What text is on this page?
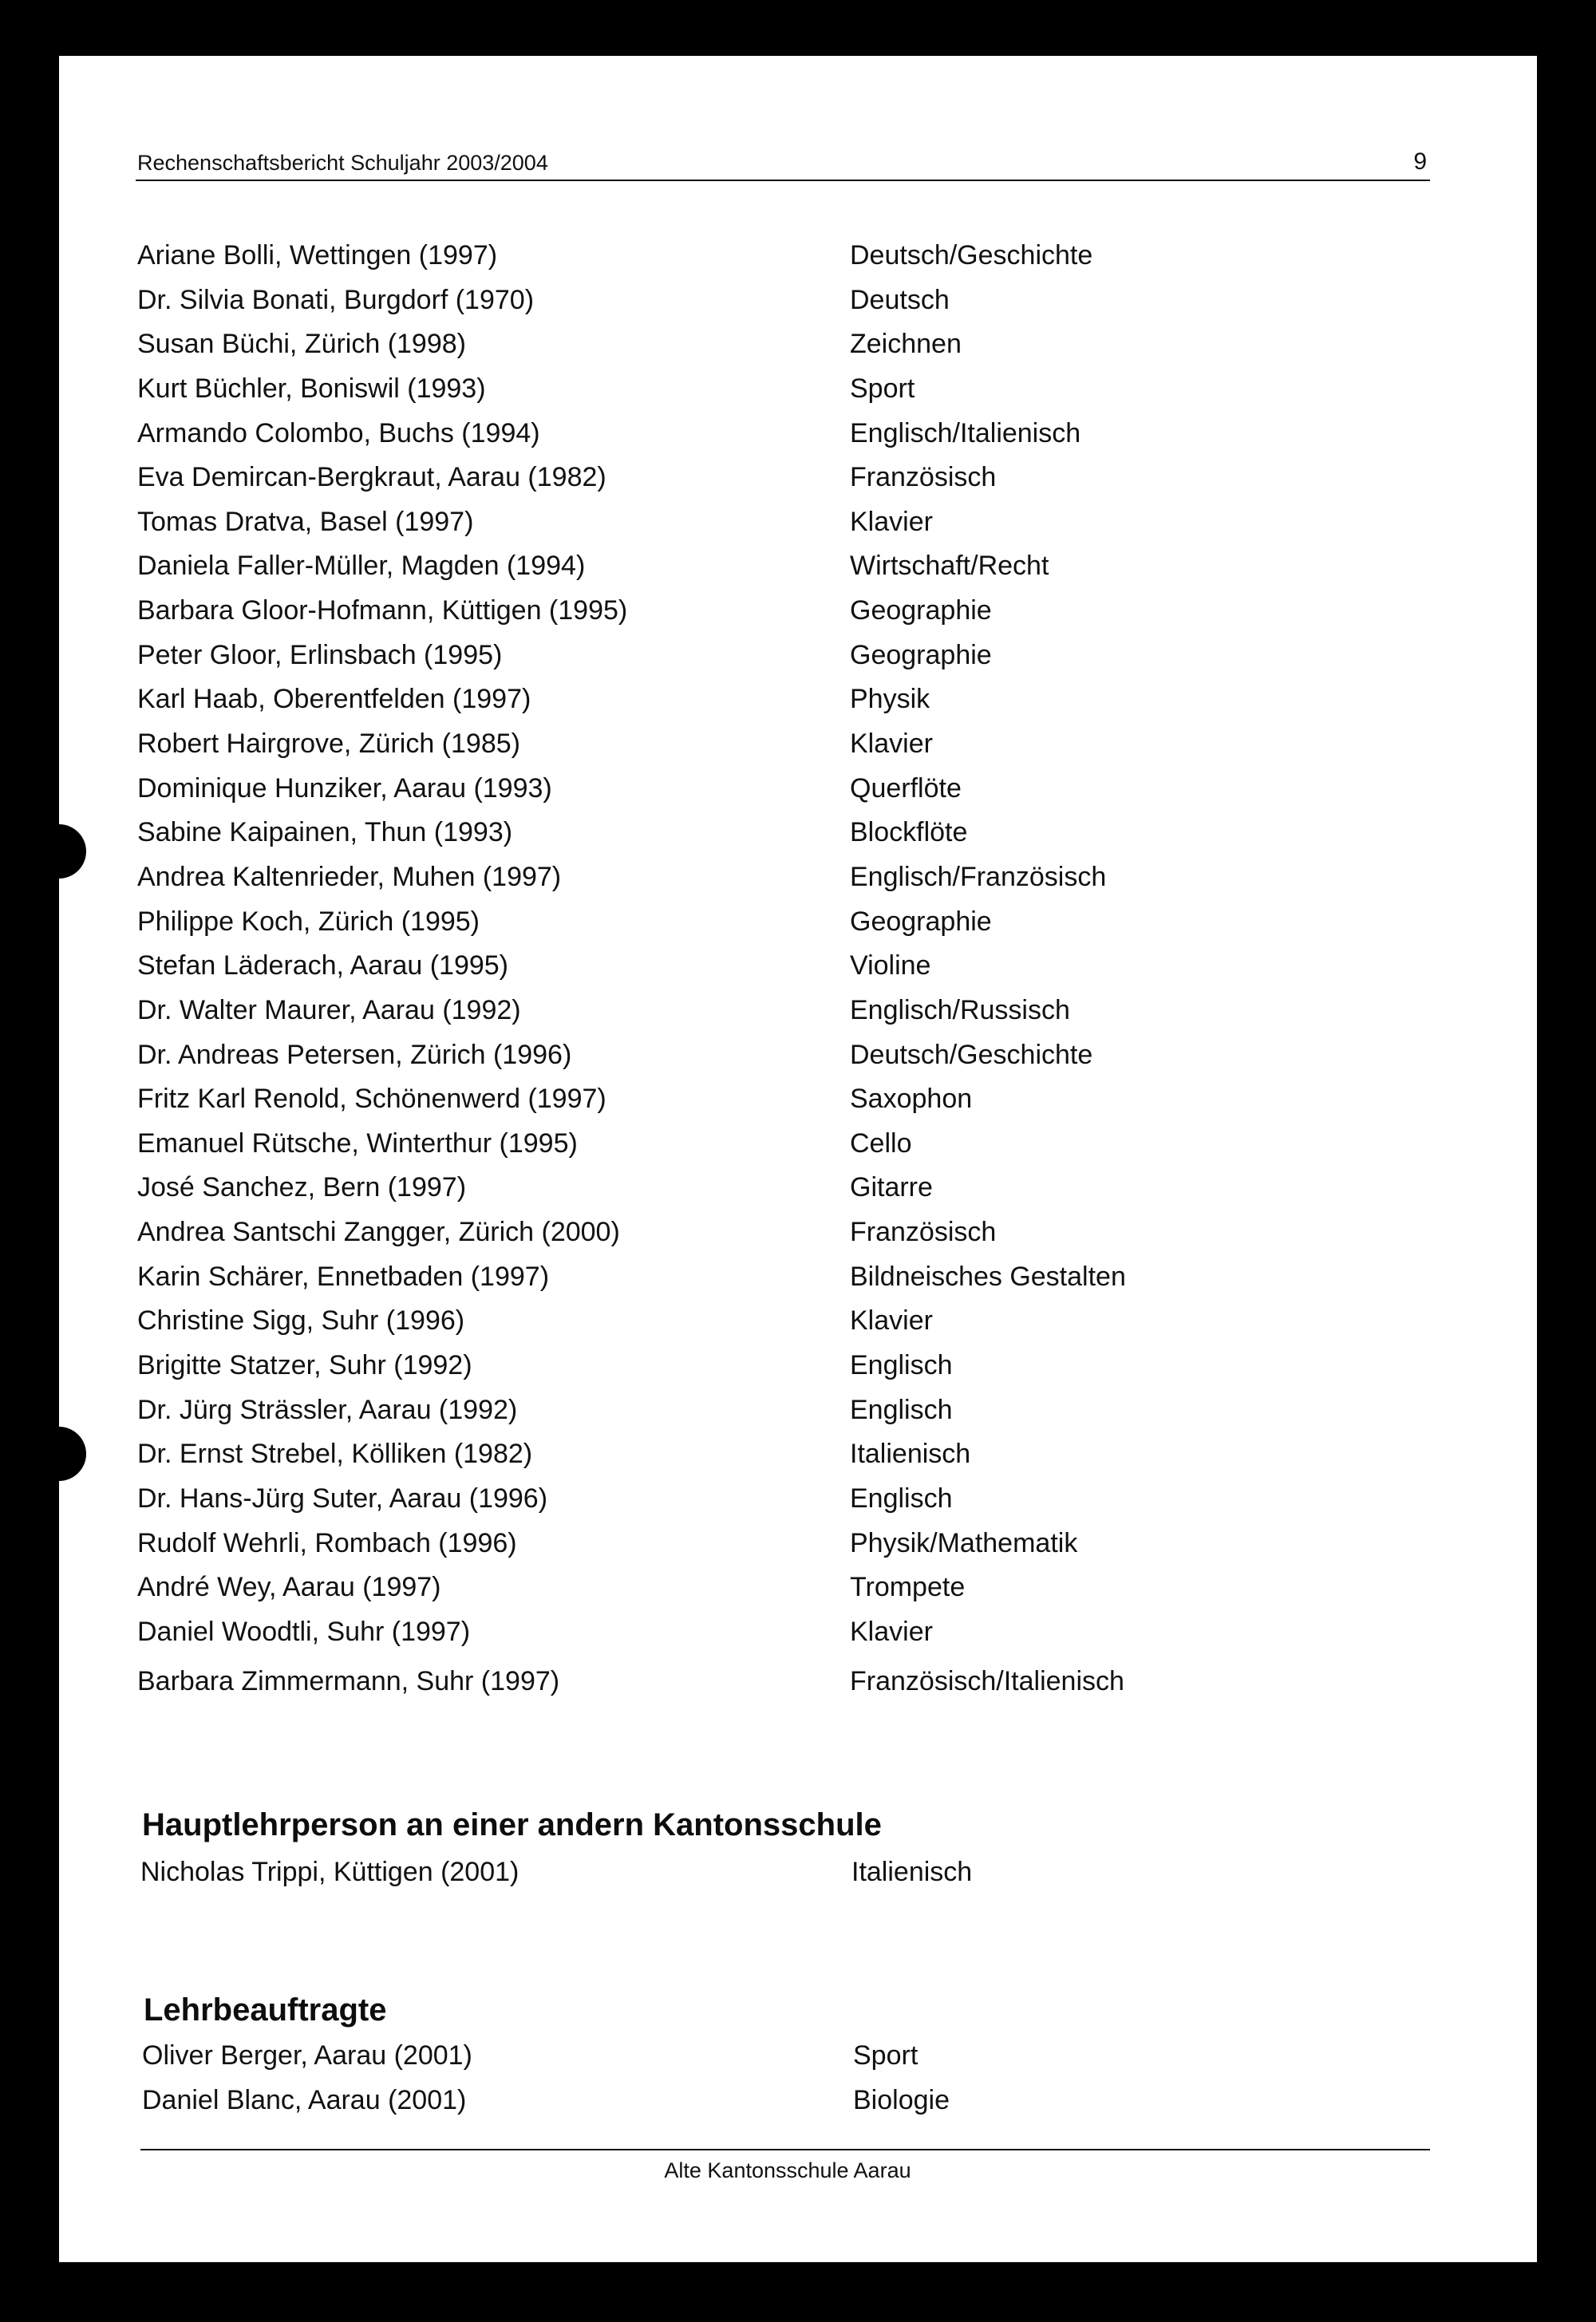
Rechenschaftsbericht Schuljahr 2003/2004	9
Ariane Bolli, Wettingen (1997)	Deutsch/Geschichte
Dr. Silvia Bonati, Burgdorf (1970)	Deutsch
Susan Büchi, Zürich (1998)	Zeichnen
Kurt Büchler, Boniswil (1993)	Sport
Armando Colombo, Buchs (1994)	Englisch/Italienisch
Eva Demircan-Bergkraut, Aarau (1982)	Französisch
Tomas Dratva, Basel (1997)	Klavier
Daniela Faller-Müller, Magden (1994)	Wirtschaft/Recht
Barbara Gloor-Hofmann, Küttigen (1995)	Geographie
Peter Gloor, Erlinsbach (1995)	Geographie
Karl Haab, Oberentfelden (1997)	Physik
Robert Hairgrove, Zürich (1985)	Klavier
Dominique Hunziker, Aarau (1993)	Querflöte
Sabine Kaipainen, Thun (1993)	Blockflöte
Andrea Kaltenrieder, Muhen (1997)	Englisch/Französisch
Philippe Koch, Zürich (1995)	Geographie
Stefan Läderach, Aarau (1995)	Violine
Dr. Walter Maurer, Aarau (1992)	Englisch/Russisch
Dr. Andreas Petersen, Zürich (1996)	Deutsch/Geschichte
Fritz Karl Renold, Schönenwerd (1997)	Saxophon
Emanuel Rütsche, Winterthur (1995)	Cello
José Sanchez, Bern (1997)	Gitarre
Andrea Santschi Zangger, Zürich (2000)	Französisch
Karin Schärer, Ennetbaden (1997)	Bildneisches Gestalten
Christine Sigg, Suhr (1996)	Klavier
Brigitte Statzer, Suhr (1992)	Englisch
Dr. Jürg Strässler, Aarau (1992)	Englisch
Dr. Ernst Strebel, Kölliken (1982)	Italienisch
Dr. Hans-Jürg Suter, Aarau (1996)	Englisch
Rudolf Wehrli, Rombach (1996)	Physik/Mathematik
André Wey, Aarau (1997)	Trompete
Daniel Woodtli, Suhr (1997)	Klavier
Barbara Zimmermann, Suhr (1997)	Französisch/Italienisch
Hauptlehrperson an einer andern Kantonsschule
Nicholas Trippi, Küttigen (2001)	Italienisch
Lehrbeauftragte
Oliver Berger, Aarau (2001)	Sport
Daniel Blanc, Aarau (2001)	Biologie
Alte Kantonsschule Aarau
